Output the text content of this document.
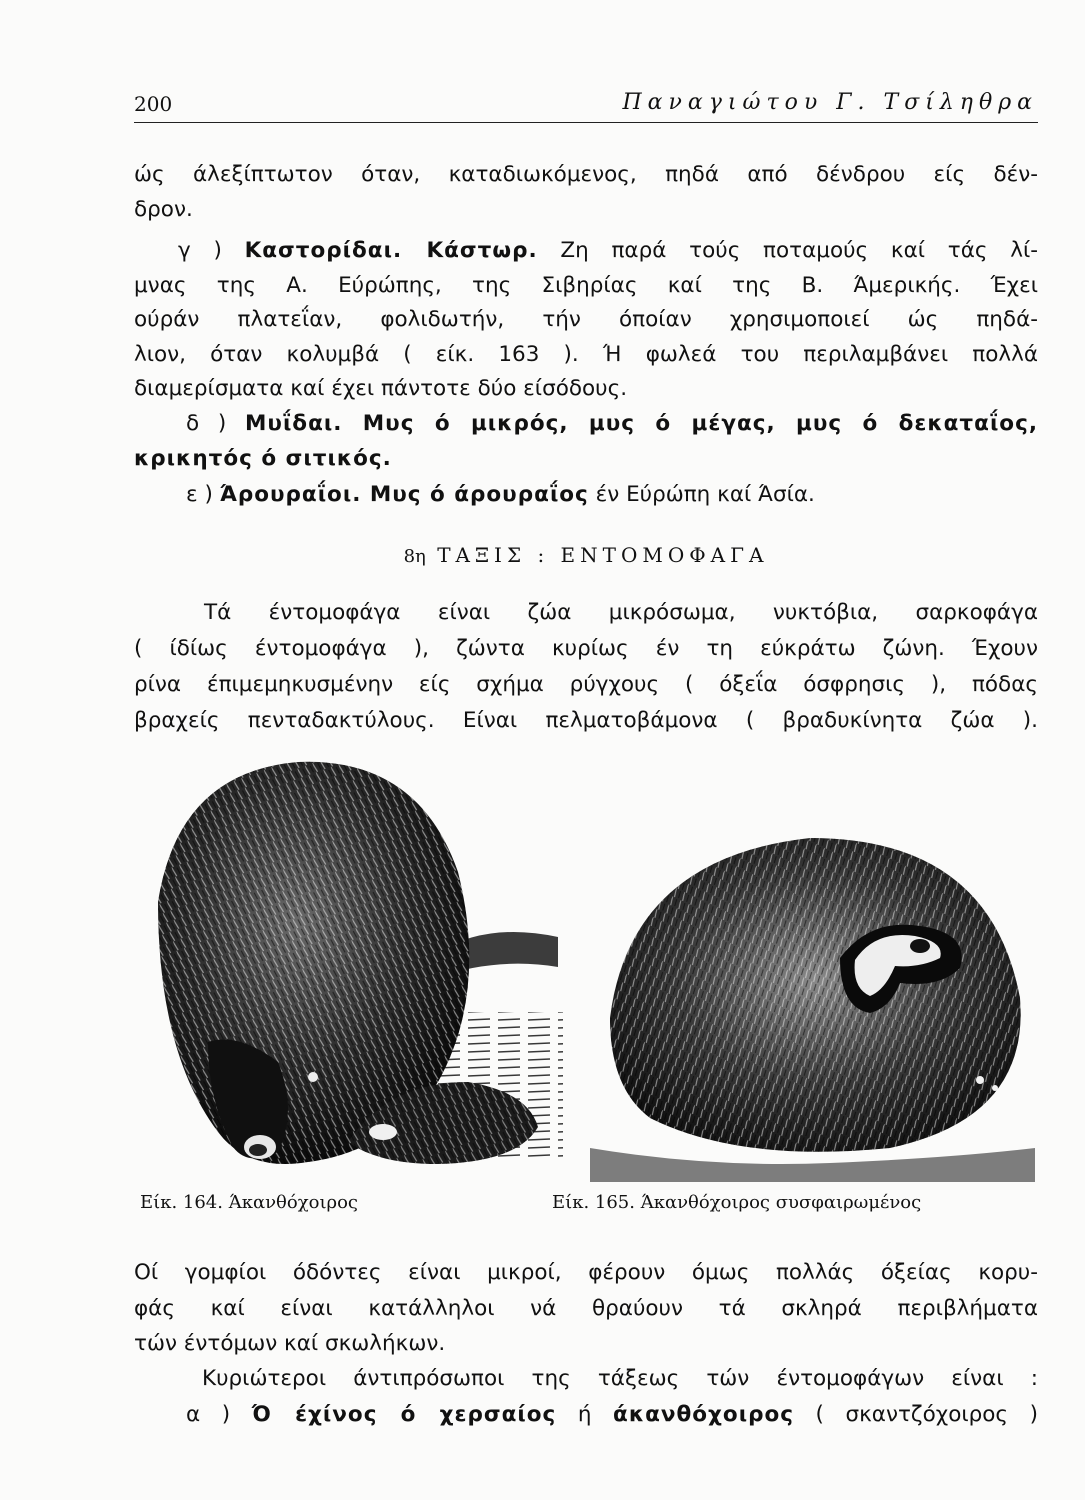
200	Παναγιώτου Γ. Τσίληθρα
ώς άλεξίπτωτον όταν, καταδιωκόμενος, πηδά από δένδρου είς δέν-
δρον.
γ ) Καστορίδαι. Κάστωρ. Ζη παρά τούς ποταμούς καί τάς λί-
μνας της Α. Εύρώπης, της Σιβηρίας καί της Β. Άμερικής. Έχει
ούράν πλατεΐαν, φολιδωτήν, τήν όποίαν χρησιμοποιεί ώς πηδά-
λιον, όταν κολυμβά ( είκ. 163 ). Ή φωλεά του περιλαμβάνει πολλά
διαμερίσματα καί έχει πάντοτε δύο είσόδους.
δ ) Μυΐδαι. Μυς ό μικρός, μυς ό μέγας, μυς ό δεκαταΐος,
κρικητός ό σιτικός.
ε ) Άρουραΐοι. Μυς ό άρουραΐος έν Εύρώπη καί Άσία.
8η ΤΑΞΙΣ : ΕΝΤΟΜΟΦΑΓΑ
Τά έντομοφάγα είναι ζώα μικρόσωμα, νυκτόβια, σαρκοφάγα
( ίδίως έντομοφάγα ), ζώντα κυρίως έν τη εύκράτω ζώνη. Έχουν
ρίνα έπιμεμηκυσμένην είς σχήμα ρύγχους ( όξεΐα όσφρησις ), πόδας
βραχείς πενταδακτύλους. Είναι πελματοβάμονα ( βραδυκίνητα ζώα ).
Είκ. 164. Άκανθόχοιρος	Είκ. 165. Άκανθόχοιρος συσφαιρωμένος
Οί γομφίοι όδόντες είναι μικροί, φέρουν όμως πολλάς όξείας κορυ-
φάς καί είναι κατάλληλοι νά θραύουν τά σκληρά περιβλήματα
τών έντόμων καί σκωλήκων.
Κυριώτεροι άντιπρόσωποι της τάξεως τών έντομοφάγων είναι :
α ) Ό έχίνος ό χερσαίος ή άκανθόχοιρος ( σκαντζόχοιρος )
